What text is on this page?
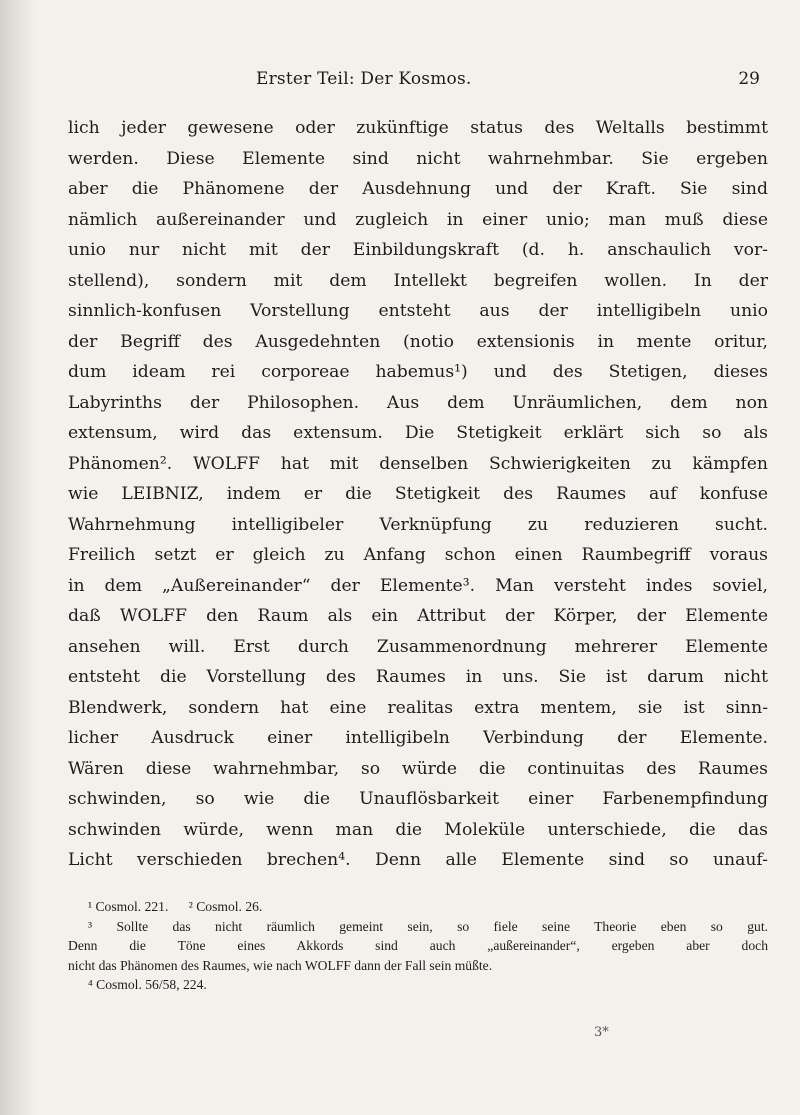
Erster Teil: Der Kosmos.	29
lich jeder gewesene oder zukünftige status des Weltalls bestimmt
werden. Diese Elemente sind nicht wahrnehmbar. Sie ergeben
aber die Phänomene der Ausdehnung und der Kraft. Sie sind
nämlich außereinander und zugleich in einer unio; man muß diese
unio nur nicht mit der Einbildungskraft (d. h. anschaulich vor-
stellend), sondern mit dem Intellekt begreifen wollen. In der
sinnlich-konfusen Vorstellung entsteht aus der intelligibeln unio
der Begriff des Ausgedehnten (notio extensionis in mente oritur,
dum ideam rei corporeae habemus¹) und des Stetigen, dieses
Labyrinths der Philosophen. Aus dem Unräumlichen, dem non
extensum, wird das extensum. Die Stetigkeit erklärt sich so als
Phänomen². WOLFF hat mit denselben Schwierigkeiten zu kämpfen
wie LEIBNIZ, indem er die Stetigkeit des Raumes auf konfuse
Wahrnehmung intelligibeler Verknüpfung zu reduzieren sucht.
Freilich setzt er gleich zu Anfang schon einen Raumbegriff voraus
in dem „Außereinander“ der Elemente³. Man versteht indes soviel,
daß WOLFF den Raum als ein Attribut der Körper, der Elemente
ansehen will. Erst durch Zusammenordnung mehrerer Elemente
entsteht die Vorstellung des Raumes in uns. Sie ist darum nicht
Blendwerk, sondern hat eine realitas extra mentem, sie ist sinn-
licher Ausdruck einer intelligibeln Verbindung der Elemente.
Wären diese wahrnehmbar, so würde die continuitas des Raumes
schwinden, so wie die Unauflösbarkeit einer Farbenempfindung
schwinden würde, wenn man die Moleküle unterschiede, die das
Licht verschieden brechen⁴. Denn alle Elemente sind so unauf-
¹ Cosmol. 221.      ² Cosmol. 26.
³ Sollte das nicht räumlich gemeint sein, so fiele seine Theorie eben so gut.
Denn die Töne eines Akkords sind auch „außereinander“, ergeben aber doch
nicht das Phänomen des Raumes, wie nach WOLFF dann der Fall sein müßte.
⁴ Cosmol. 56/58, 224.
3*
